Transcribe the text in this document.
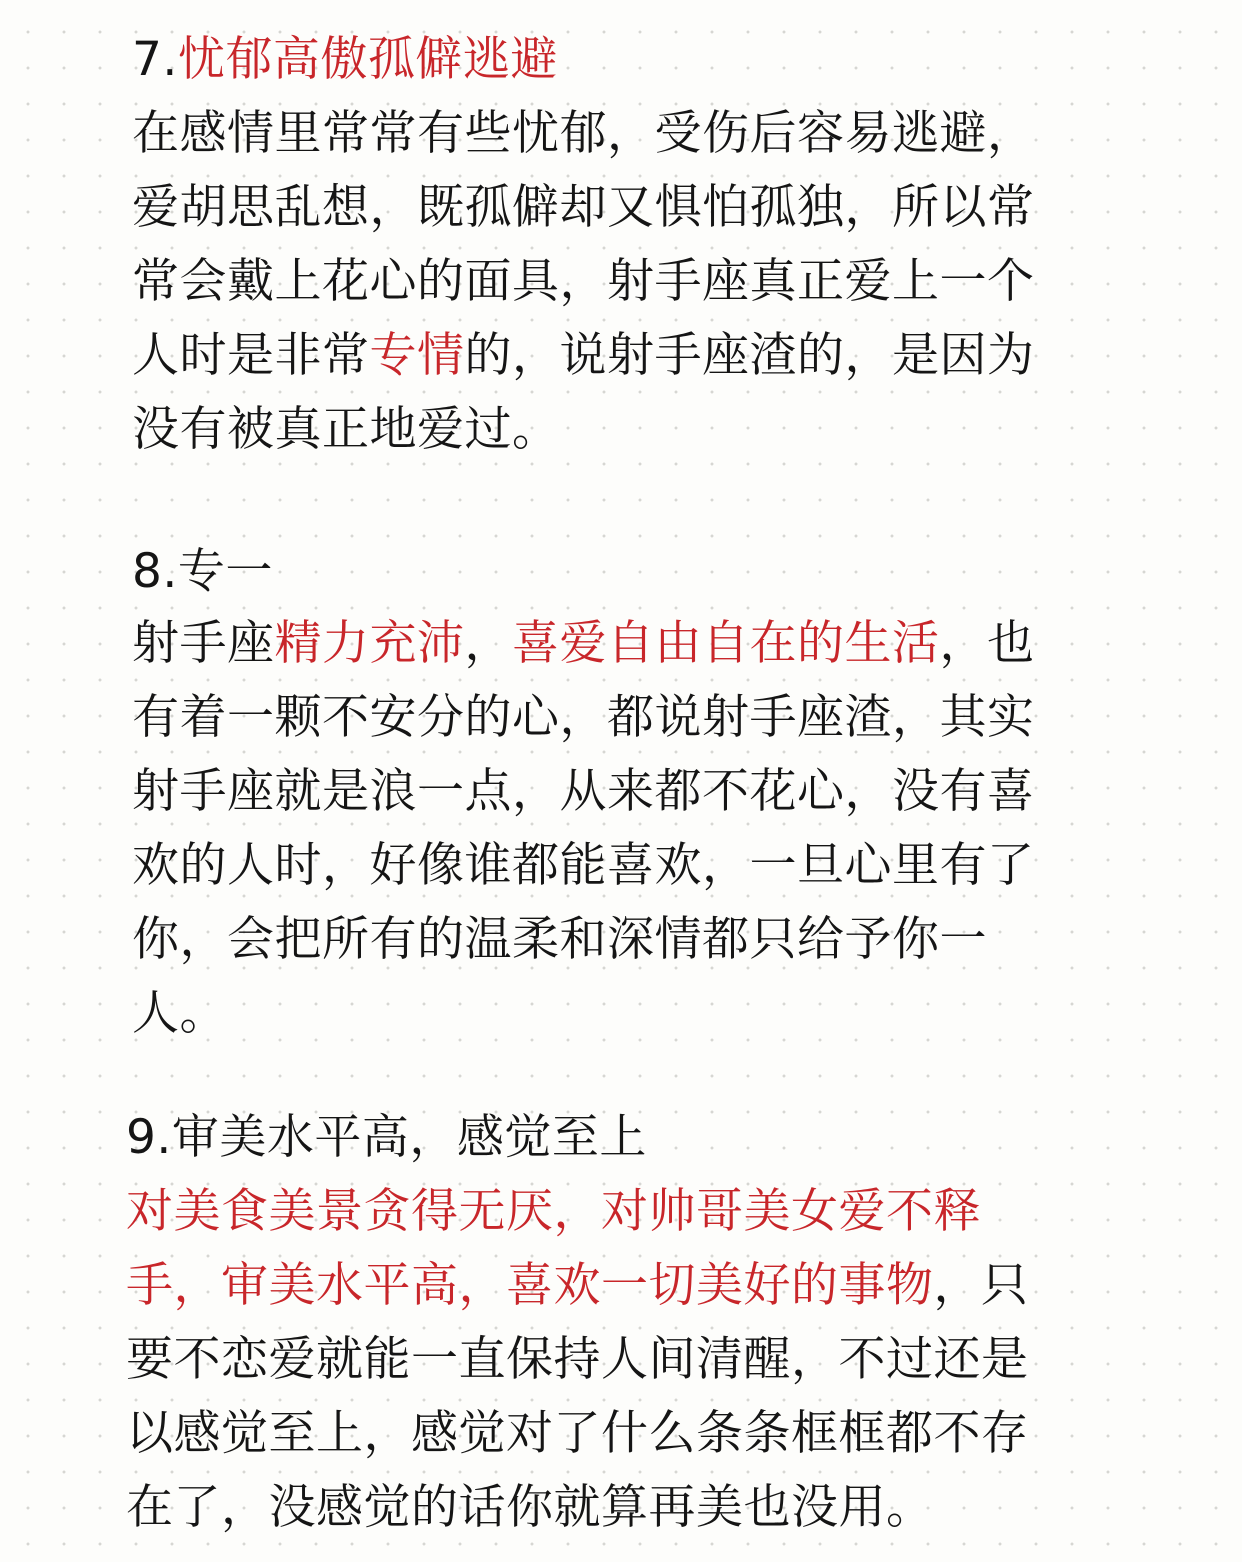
7.忧郁高傲孤僻逃避
在感情里常常有些忧郁，受伤后容易逃避，
爱胡思乱想，既孤僻却又惧怕孤独，所以常
常会戴上花心的面具，射手座真正爱上一个
人时是非常专情的，说射手座渣的，是因为
没有被真正地爱过。
8.专一
射手座精力充沛，喜爱自由自在的生活，也
有着一颗不安分的心，都说射手座渣，其实
射手座就是浪一点，从来都不花心，没有喜
欢的人时，好像谁都能喜欢，一旦心里有了
你，会把所有的温柔和深情都只给予你一
人。
9.审美水平高，感觉至上
对美食美景贪得无厌，对帅哥美女爱不释
手，审美水平高，喜欢一切美好的事物，只
要不恋爱就能一直保持人间清醒，不过还是
以感觉至上，感觉对了什么条条框框都不存
在了，没感觉的话你就算再美也没用。
